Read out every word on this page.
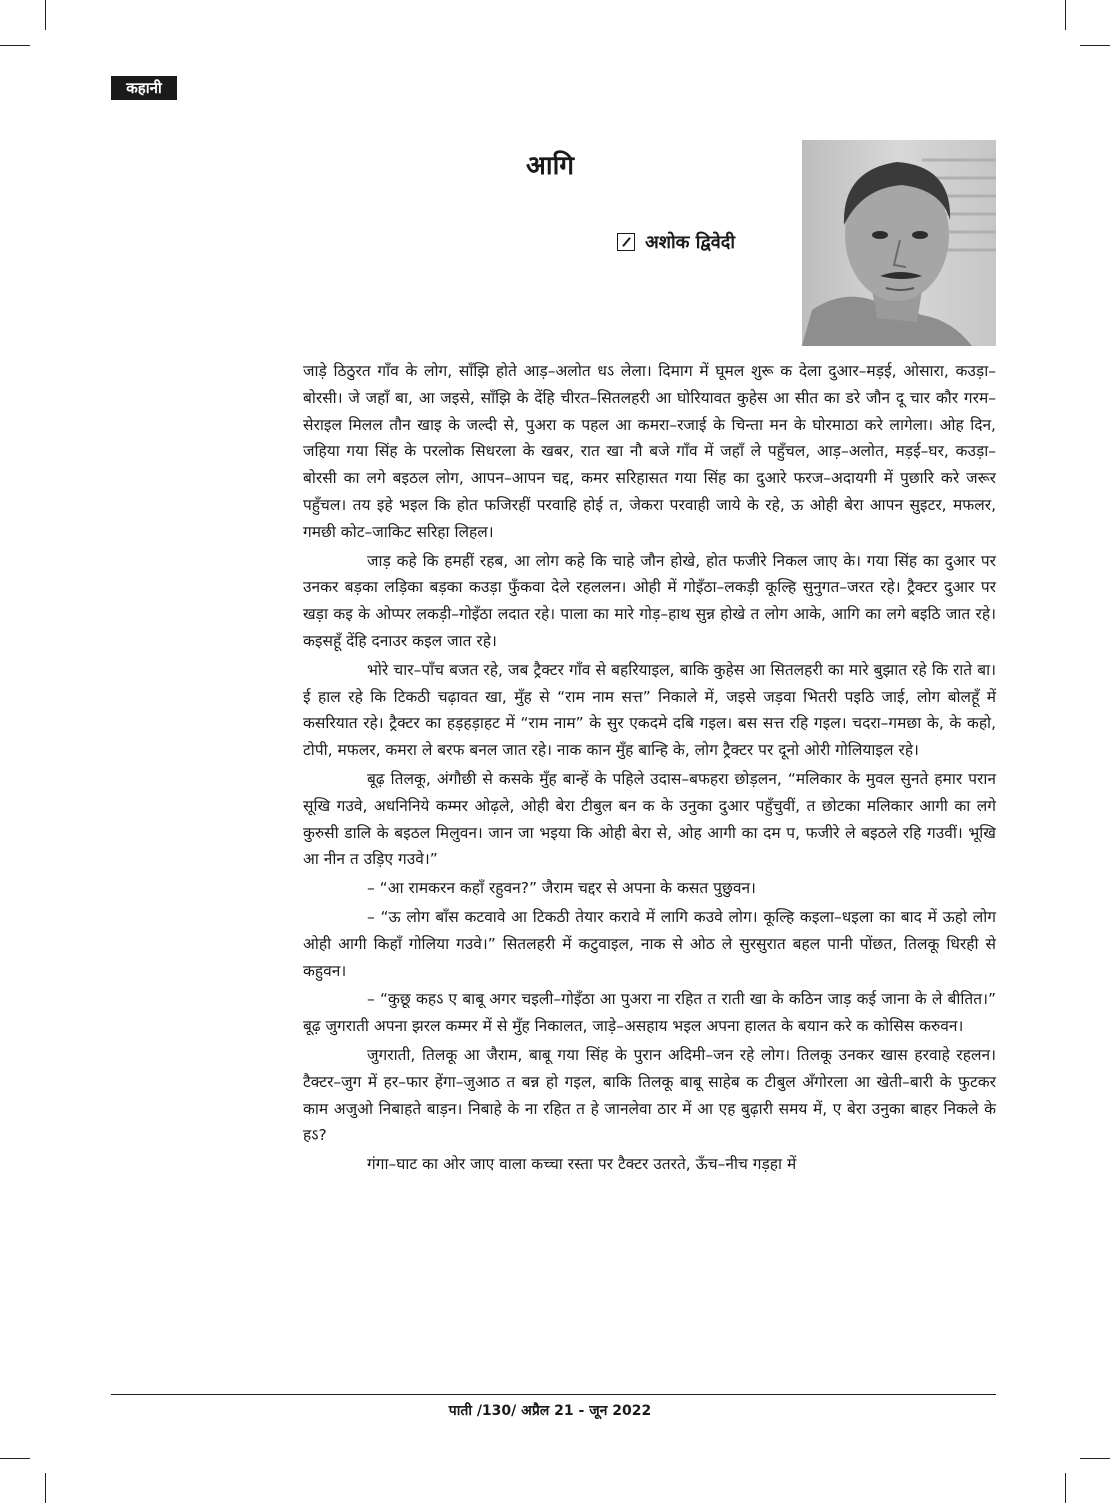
कहानी
आगि
अशोक द्विवेदी

जाड़े ठिठुरत गाँव के लोग, साँझि होते आड़–अलोत धऽ लेला। दिमाग में घूमल शुरू क देला दुआर–मड़ई, ओसारा, कउड़ा–बोरसी। जे जहाँ बा, आ जइसे, साँझि के देंहि चीरत–सितलहरी आ घोरियावत कुहेस आ सीत का डरे जौन दू चार कौर गरम–सेराइल मिलल तौन खाइ के जल्दी से, पुअरा क पहल आ कमरा–रजाई के चिन्ता मन के घोरमाठा करे लागेला। ओह दिन, जहिया गया सिंह के परलोक सिधरला के खबर, रात खा नौ बजे गाँव में जहाँ ले पहुँचल, आड़–अलोत, मड़ई–घर, कउड़ा–बोरसी का लगे बइठल लोग, आपन–आपन चद्द, कमर सरिहासत गया सिंह का दुआरे फरज–अदायगी में पुछारि करे जरूर पहुँचल। तय इहे भइल कि होत फजिरहीं परवाहि होई त, जेकरा परवाही जाये के रहे, ऊ ओही बेरा आपन सुइटर, मफलर, गमछी कोट–जाकिट सरिहा लिहल।

जाड़ कहे कि हमहीं रहब, आ लोग कहे कि चाहे जौन होखे, होत फजीरे निकल जाए के। गया सिंह का दुआर पर उनकर बड़का लड़िका बड़का कउड़ा फुँकवा देले रहललन। ओही में गोइँठा–लकड़ी कूल्हि सुनुगत–जरत रहे। ट्रैक्टर दुआर पर खड़ा कइ के ओप्पर लकड़ी–गोइँठा लदात रहे। पाला का मारे गोड़–हाथ सुन्न होखे त लोग आके, आगि का लगे बइठि जात रहे। कइसहूँ देंहि दनाउर कइल जात रहे।

भोरे चार–पाँच बजत रहे, जब ट्रैक्टर गाँव से बहरियाइल, बाकि कुहेस आ सितलहरी का मारे बुझात रहे कि राते बा। ई हाल रहे कि टिकठी चढ़ावत खा, मुँह से “राम नाम सत्त” निकाले में, जइसे जड़वा भितरी पइठि जाई, लोग बोलहूँ में कसरियात रहे। ट्रैक्टर का हड़हड़ाहट में “राम नाम” के सुर एकदमे दबि गइल। बस सत्त रहि गइल। चदरा–गमछा के, के कहो, टोपी, मफलर, कमरा ले बरफ बनल जात रहे। नाक कान मुँह बान्हि के, लोग ट्रैक्टर पर दूनो ओरी गोलियाइल रहे।

बूढ़ तिलकू, अंगौछी से कसके मुँह बान्हें के पहिले उदास–बफहरा छोड़लन, “मलिकार के मुवल सुनते हमार परान सूखि गउवे, अधनिनिये कम्मर ओढ़ले, ओही बेरा टीबुल बन क के उनुका दुआर पहुँचुवीं, त छोटका मलिकार आगी का लगे कुरुसी डालि के बइठल मिलुवन। जान जा भइया कि ओही बेरा से, ओह आगी का दम प, फजीरे ले बइठले रहि गउवीं। भूखि आ नीन त उड़िए गउवे।”

– “आ रामकरन कहाँ रहुवन?” जैराम चद्दर से अपना के कसत पुछुवन।

– “ऊ लोग बाँस कटवावे आ टिकठी तेयार करावे में लागि कउवे लोग। कूल्हि कइला–धइला का बाद में ऊहो लोग ओही आगी किहाँ गोलिया गउवे।” सितलहरी में कटुवाइल, नाक से ओठ ले सुरसुरात बहल पानी पोंछत, तिलकू धिरही से कहुवन।

– “कुछू कहऽ ए बाबू अगर चइली–गोइँठा आ पुअरा ना रहित त राती खा के कठिन जाड़ कई जाना के ले बीतित।” बूढ़ जुगराती अपना झरल कम्मर में से मुँह निकालत, जाड़े–असहाय भइल अपना हालत के बयान करे क कोसिस करुवन।

जुगराती, तिलकू आ जैराम, बाबू गया सिंह के पुरान अदिमी–जन रहे लोग। तिलकू उनकर खास हरवाहे रहलन। टैक्टर–जुग में हर–फार हेंगा–जुआठ त बन्न हो गइल, बाकि तिलकू बाबू साहेब क टीबुल अँगोरला आ खेती–बारी के फुटकर काम अजुओ निबाहते बाड़न। निबाहे के ना रहित त हे जानलेवा ठार में आ एह बुढ़ारी समय में, ए बेरा उनुका बाहर निकले के हऽ?

गंगा–घाट का ओर जाए वाला कच्चा रस्ता पर टैक्टर उतरते, ऊँच–नीच गड़हा में

पाती /130/ अप्रैल 21 - जून 2022
